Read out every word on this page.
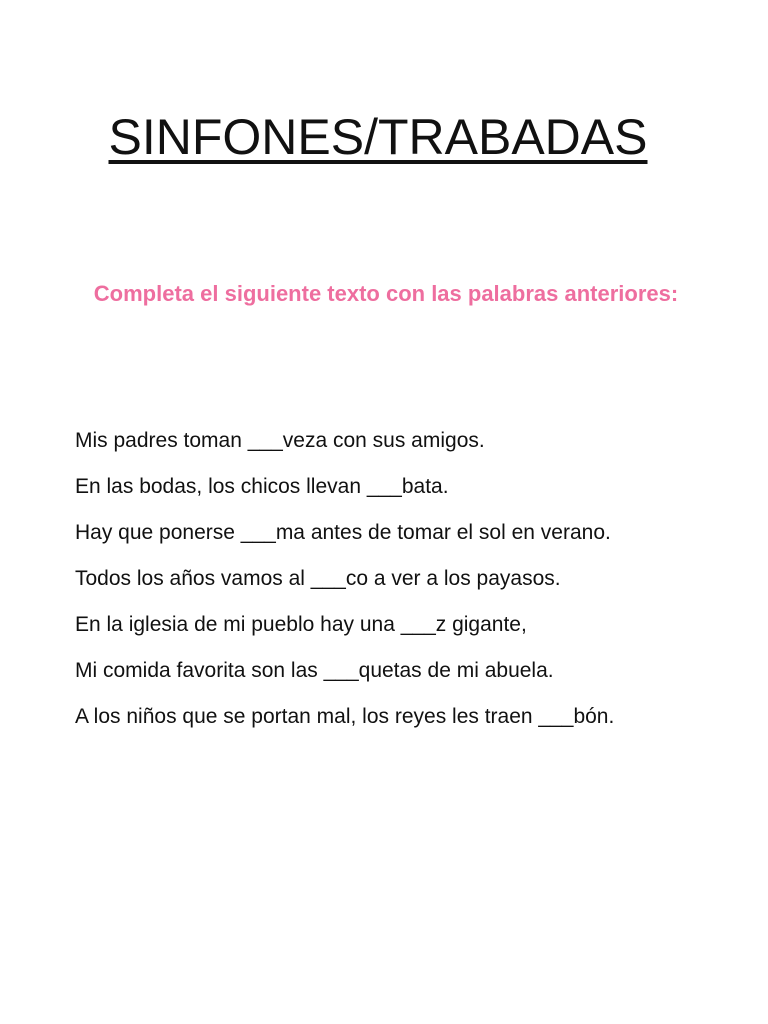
SINFONES/TRABADAS
Completa el siguiente texto con las palabras anteriores:
Mis padres toman ___veza con sus amigos.
En las bodas, los chicos llevan ___bata.
Hay que ponerse ___ma antes de tomar el sol en verano.
Todos los años vamos al ___co a ver a los payasos.
En la iglesia de mi pueblo hay una ___z gigante,
Mi comida favorita son las ___quetas de mi abuela.
A los niños que se portan mal, los reyes les traen ___bón.
